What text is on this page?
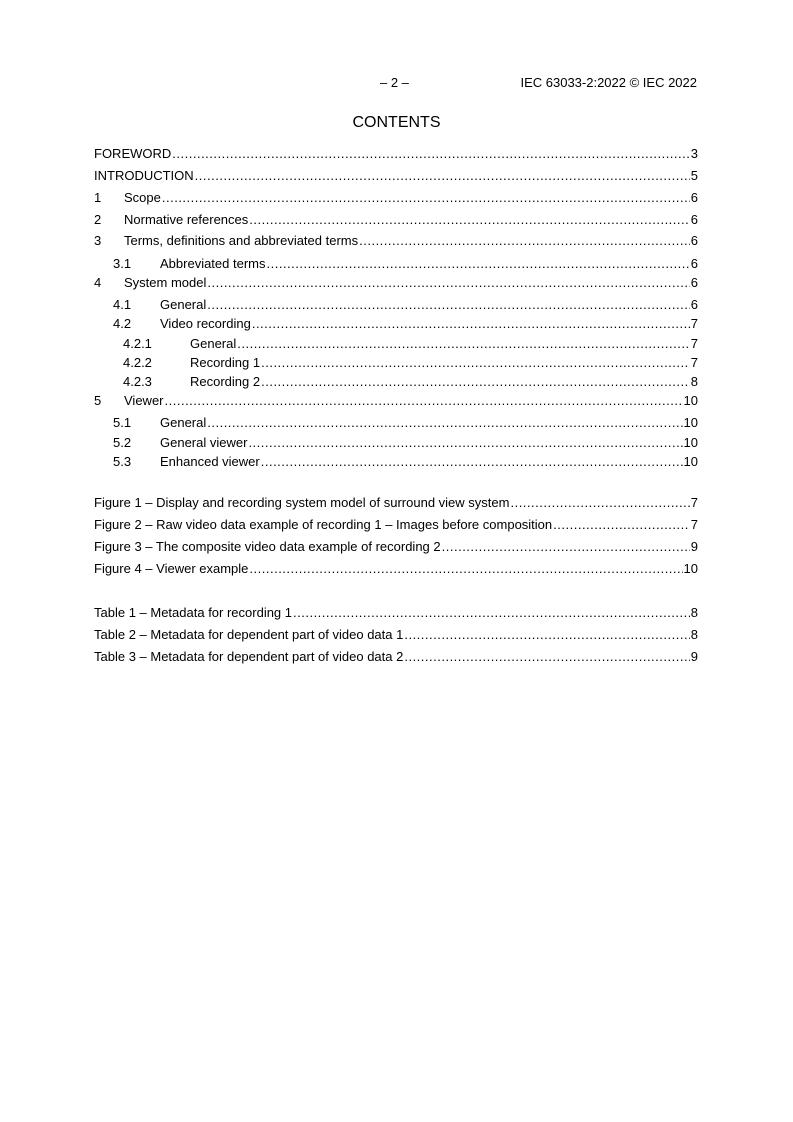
– 2 –	IEC 63033-2:2022 © IEC 2022
CONTENTS
FOREWORD .....	3
INTRODUCTION .....	5
1	Scope .....	6
2	Normative references .....	6
3	Terms, definitions and abbreviated terms .....	6
3.1	Abbreviated terms .....	6
4	System model .....	6
4.1	General .....	6
4.2	Video recording .....	7
4.2.1	General .....	7
4.2.2	Recording 1 .....	7
4.2.3	Recording 2 .....	8
5	Viewer .....	10
5.1	General .....	10
5.2	General viewer .....	10
5.3	Enhanced viewer .....	10
Figure 1 – Display and recording system model of surround view system .....	7
Figure 2 – Raw video data example of recording 1 – Images before composition .....	7
Figure 3 – The composite video data example of recording 2 .....	9
Figure 4 – Viewer example .....	10
Table 1 – Metadata for recording 1 .....	8
Table 2 – Metadata for dependent part of video data 1 .....	8
Table 3 – Metadata for dependent part of video data 2 .....	9
